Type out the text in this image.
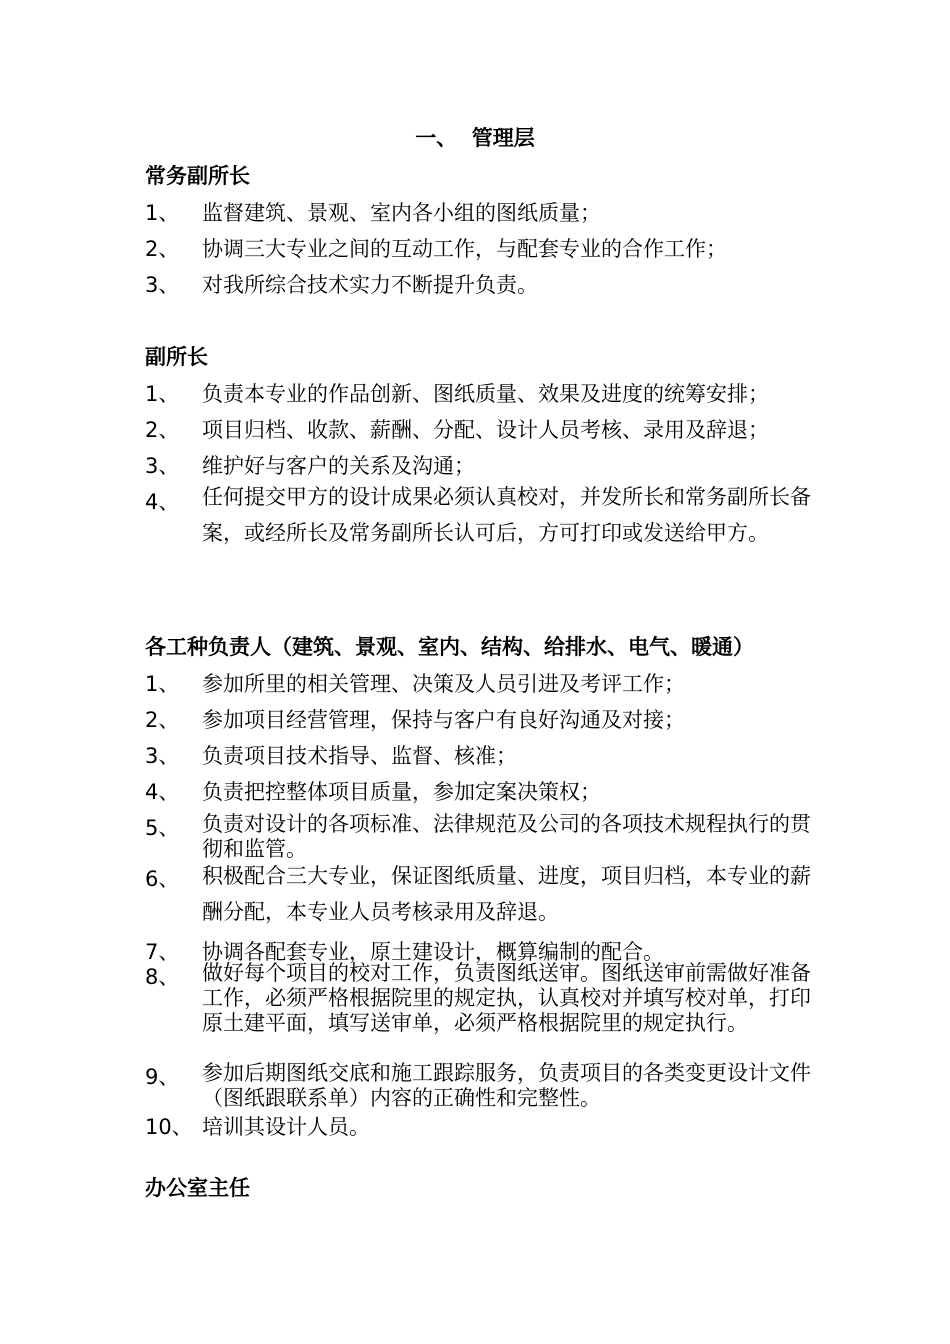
一、  管理层
常务副所长
1、 监督建筑、景观、室内各小组的图纸质量；
2、 协调三大专业之间的互动工作，与配套专业的合作工作；
3、 对我所综合技术实力不断提升负责。
副所长
1、 负责本专业的作品创新、图纸质量、效果及进度的统筹安排；
2、 项目归档、收款、薪酬、分配、设计人员考核、录用及辞退；
3、 维护好与客户的关系及沟通；
4、 任何提交甲方的设计成果必须认真校对，并发所长和常务副所长备案，或经所长及常务副所长认可后，方可打印或发送给甲方。
各工种负责人（建筑、景观、室内、结构、给排水、电气、暖通）
1、 参加所里的相关管理、决策及人员引进及考评工作；
2、 参加项目经营管理，保持与客户有良好沟通及对接；
3、 负责项目技术指导、监督、核准；
4、 负责把控整体项目质量，参加定案决策权；
5、 负责对设计的各项标准、法律规范及公司的各项技术规程执行的贯彻和监管。
6、 积极配合三大专业，保证图纸质量、进度，项目归档，本专业的薪酬分配，本专业人员考核录用及辞退。
7、 协调各配套专业，原土建设计，概算编制的配合。
8、 做好每个项目的校对工作，负责图纸送审。图纸送审前需做好准备工作，必须严格根据院里的规定执，认真校对并填写校对单，打印原土建平面，填写送审单，必须严格根据院里的规定执行。
9、 参加后期图纸交底和施工跟踪服务，负责项目的各类变更设计文件（图纸跟联系单）内容的正确性和完整性。
10、 培训其设计人员。
办公室主任
